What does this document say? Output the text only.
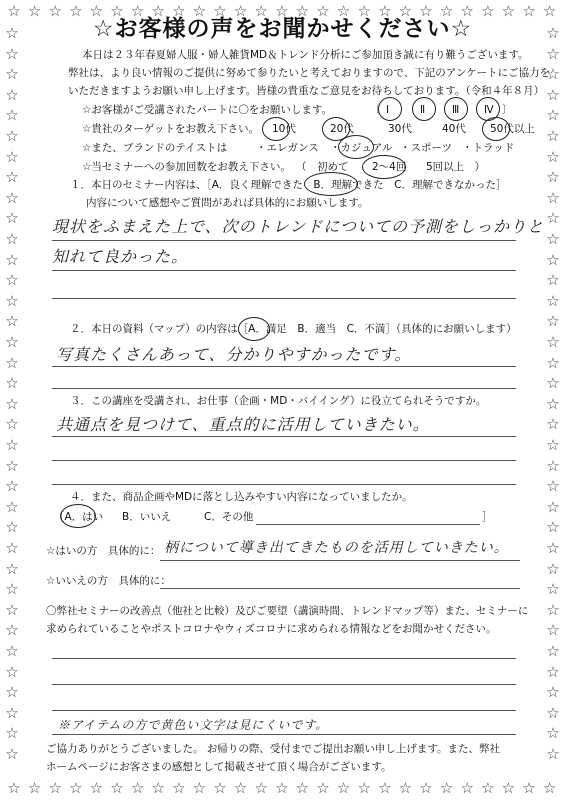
☆
☆
☆
☆
☆
☆
☆
☆
☆
☆
☆
☆
☆
☆
☆
☆
☆
☆
☆
☆
☆
☆
☆
☆
☆
☆
☆
☆
☆
☆
☆
☆
☆
☆
☆
☆
☆
☆
☆
☆
☆
☆
☆
☆
☆
☆
☆
☆
☆
☆
☆
☆
☆
☆
☆	☆
☆	☆
☆	☆
☆	☆
☆	☆
☆	☆
☆	☆
☆	☆
☆	☆
☆	☆
☆	☆
☆	☆
☆	☆
☆	☆
☆	☆
☆	☆
☆	☆
☆	☆
☆	☆
☆	☆
☆	☆
☆	☆
☆	☆
☆	☆
☆	☆
☆	☆
☆	☆
☆	☆
☆	☆
☆	☆
☆	☆
☆	☆
☆	☆
☆	☆
☆	☆
☆	☆
☆お客様の声をお聞かせください☆
本日は２３年春夏婦人服・婦人雑貨MD＆トレンド分析にご参加頂き誠に有り難うございます。
弊社は、より良い情報のご提供に努めて参りたいと考えておりますので、下記のアンケートにご協力を
いただきますようお願い申し上げます。皆様の貴重なご意見をお待ちしております。（令和４年８月）
☆お客様がご受講されたパートに〇をお願いします。	〔 Ⅰ	Ⅱ	Ⅲ Ⅳ 〕
☆貴社のターゲットをお教え下さい。 10代	20代	30代	40代 50代以上
☆また、ブランドのテイストは	・エレガンス ・カジュアル ・スポーツ ・トラッド
☆当セミナーへの参加回数をお教え下さい。 （　初めて 2～4回 5回以上　）
１．本日のセミナー内容は、［A．良く理解できた　B．理解できた　C．理解できなかった］
内容について感想やご質問があれば具体的にお願いします。
現状をふまえた上で、次のトレンドについての予測をしっかりと
知れて良かった。
２．本日の資料（マップ）の内容は［A．満足　B．適当　C．不満］（具体的にお願いします）
写真たくさんあって、分かりやすかったです。
３．この講座を受講され、お仕事（企画・MD・バイイング）に役立てられそうですか。
共通点を見つけて、重点的に活用していきたい。
４．また、商品企画やMDに落とし込みやすい内容になっていましたか。
［A．はい B．いいえ	C．その他	］
☆はいの方　具体的に： 柄について導き出てきたものを活用していきたい。
☆いいえの方　具体的に：
〇弊社セミナーの改善点（他社と比較）及びご要望（講演時間、トレンドマップ等）また、セミナーに
求められていることやポストコロナやウィズコロナに求められる情報などをお聞かせください。
※アイテムの方で黄色い文字は見にくいです。
ご協力ありがとうございました。 お帰りの際、受付までご提出お願い申し上げます。また、弊社
ホームページにお客さまの感想として掲載させて頂く場合がございます。
